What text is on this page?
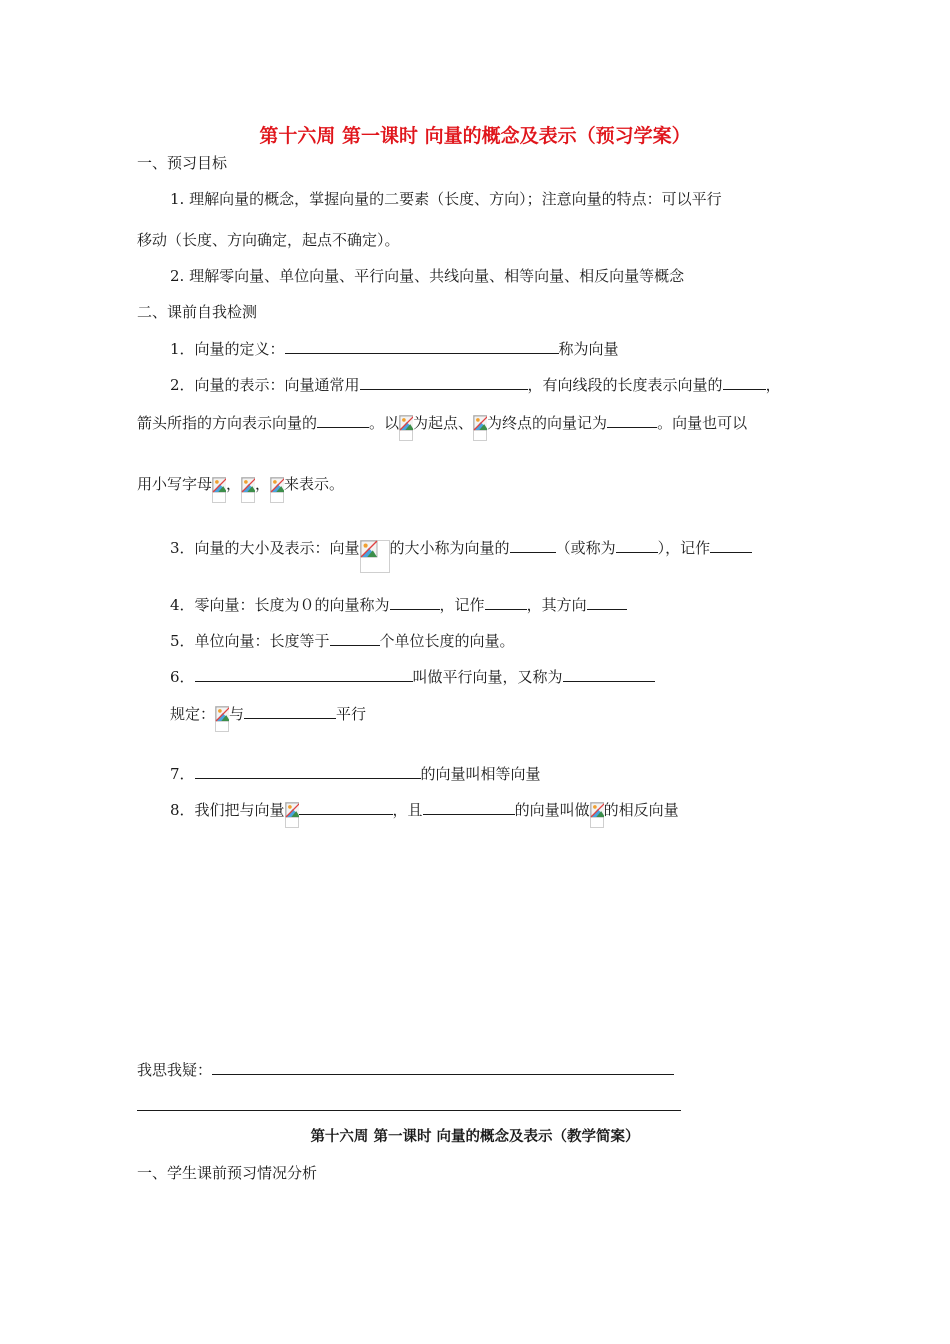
第十六周 第一课时 向量的概念及表示（预习学案）
一、预习目标
1. 理解向量的概念，掌握向量的二要素（长度、方向）；注意向量的特点：可以平行
移动（长度、方向确定，起点不确定）。
2. 理解零向量、单位向量、平行向量、共线向量、相等向量、相反向量等概念
二、课前自我检测
1．向量的定义：	称为向量
2．向量的表示：向量通常用	，有向线段的长度表示向量的	，
箭头所指的方向表示向量的	。以 为起点、 为终点的向量记为	。向量也可以
用小写字母 ， ， 来表示。
3．向量的大小及表示：向量 的大小称为向量的	（或称为	），记作
4．零向量：长度为０的向量称为	，记作	，其方向
5．单位向量：长度等于	个单位长度的向量。
6．	叫做平行向量，又称为
规定： 与	平行
7．	的向量叫相等向量
8．我们把与向量	，且	的向量叫做 的相反向量
我思我疑：
第十六周 第一课时 向量的概念及表示（教学简案）
一、学生课前预习情况分析
